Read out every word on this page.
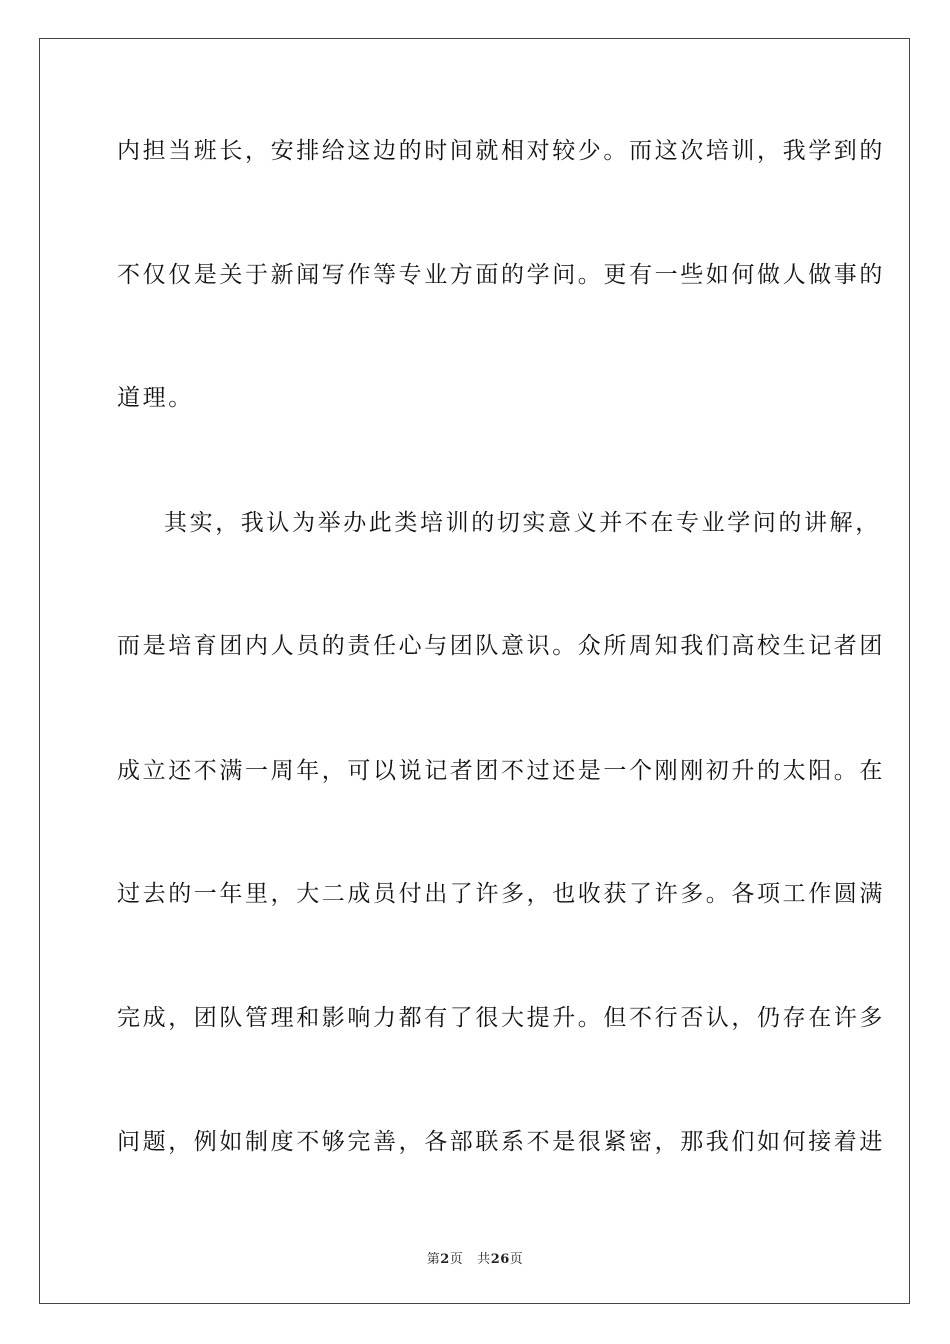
内担当班长，安排给这边的时间就相对较少。而这次培训，我学到的
不仅仅是关于新闻写作等专业方面的学问。更有一些如何做人做事的
道理。
其实，我认为举办此类培训的切实意义并不在专业学问的讲解，
而是培育团内人员的责任心与团队意识。众所周知我们高校生记者团
成立还不满一周年，可以说记者团不过还是一个刚刚初升的太阳。在
过去的一年里，大二成员付出了许多，也收获了许多。各项工作圆满
完成，团队管理和影响力都有了很大提升。但不行否认，仍存在许多
问题，例如制度不够完善，各部联系不是很紧密，那我们如何接着进
第2页 共26页
